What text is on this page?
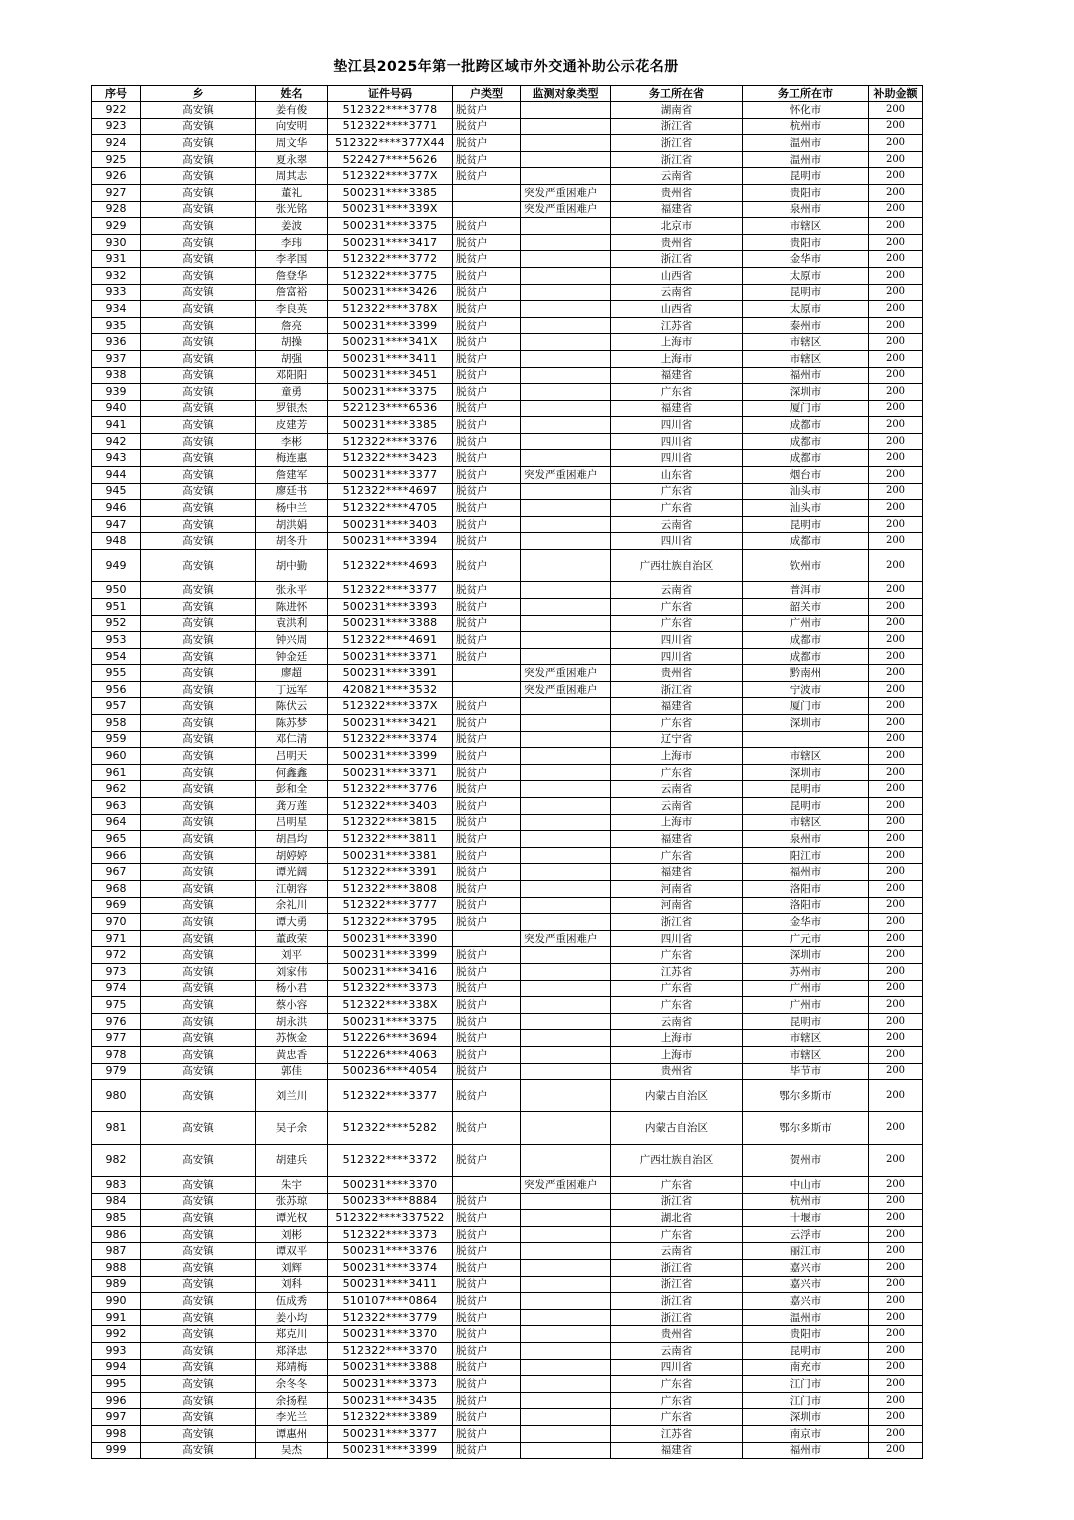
垫江县2025年第一批跨区域市外交通补助公示花名册
序号	乡	姓名	证件号码	户类型	监测对象类型	务工所在省	务工所在市	补助金额
922	高安镇	姜有俊	512322****3778	脱贫户		湖南省	怀化市	200
923	高安镇	向安明	512322****3771	脱贫户		浙江省	杭州市	200
924	高安镇	周文华	512322****377X44	脱贫户		浙江省	温州市	200
925	高安镇	夏永翠	522427****5626	脱贫户		浙江省	温州市	200
926	高安镇	周其志	512322****377X	脱贫户		云南省	昆明市	200
927	高安镇	董礼	500231****3385		突发严重困难户	贵州省	贵阳市	200
928	高安镇	张光铭	500231****339X		突发严重困难户	福建省	泉州市	200
929	高安镇	姜波	500231****3375	脱贫户		北京市	市辖区	200
930	高安镇	李玮	500231****3417	脱贫户		贵州省	贵阳市	200
931	高安镇	李孝国	512322****3772	脱贫户		浙江省	金华市	200
932	高安镇	詹登华	512322****3775	脱贫户		山西省	太原市	200
933	高安镇	詹富裕	500231****3426	脱贫户		云南省	昆明市	200
934	高安镇	李良英	512322****378X	脱贫户		山西省	太原市	200
935	高安镇	詹亮	500231****3399	脱贫户		江苏省	泰州市	200
936	高安镇	胡操	500231****341X	脱贫户		上海市	市辖区	200
937	高安镇	胡强	500231****3411	脱贫户		上海市	市辖区	200
938	高安镇	邓阳阳	500231****3451	脱贫户		福建省	福州市	200
939	高安镇	童勇	500231****3375	脱贫户		广东省	深圳市	200
940	高安镇	罗银杰	522123****6536	脱贫户		福建省	厦门市	200
941	高安镇	皮建芳	500231****3385	脱贫户		四川省	成都市	200
942	高安镇	李彬	512322****3376	脱贫户		四川省	成都市	200
943	高安镇	梅连惠	512322****3423	脱贫户		四川省	成都市	200
944	高安镇	詹建军	500231****3377	脱贫户	突发严重困难户	山东省	烟台市	200
945	高安镇	廖廷书	512322****4697	脱贫户		广东省	汕头市	200
946	高安镇	杨中兰	512322****4705	脱贫户		广东省	汕头市	200
947	高安镇	胡洪娟	500231****3403	脱贫户		云南省	昆明市	200
948	高安镇	胡冬升	500231****3394	脱贫户		四川省	成都市	200
949	高安镇	胡中勤	512322****4693	脱贫户		广西壮族自治区	钦州市	200
950	高安镇	张永平	512322****3377	脱贫户		云南省	普洱市	200
951	高安镇	陈进怀	500231****3393	脱贫户		广东省	韶关市	200
952	高安镇	袁洪利	500231****3388	脱贫户		广东省	广州市	200
953	高安镇	钟兴周	512322****4691	脱贫户		四川省	成都市	200
954	高安镇	钟金廷	500231****3371	脱贫户		四川省	成都市	200
955	高安镇	廖超	500231****3391		突发严重困难户	贵州省	黔南州	200
956	高安镇	丁远军	420821****3532		突发严重困难户	浙江省	宁波市	200
957	高安镇	陈伏云	512322****337X	脱贫户		福建省	厦门市	200
958	高安镇	陈苏梦	500231****3421	脱贫户		广东省	深圳市	200
959	高安镇	邓仁清	512322****3374	脱贫户		辽宁省		200
960	高安镇	吕明天	500231****3399	脱贫户		上海市	市辖区	200
961	高安镇	何鑫鑫	500231****3371	脱贫户		广东省	深圳市	200
962	高安镇	彭和全	512322****3776	脱贫户		云南省	昆明市	200
963	高安镇	龚万莲	512322****3403	脱贫户		云南省	昆明市	200
964	高安镇	吕明星	512322****3815	脱贫户		上海市	市辖区	200
965	高安镇	胡昌均	512322****3811	脱贫户		福建省	泉州市	200
966	高安镇	胡婷婷	500231****3381	脱贫户		广东省	阳江市	200
967	高安镇	谭光阔	512322****3391	脱贫户		福建省	福州市	200
968	高安镇	江朝容	512322****3808	脱贫户		河南省	洛阳市	200
969	高安镇	余礼川	512322****3777	脱贫户		河南省	洛阳市	200
970	高安镇	谭大勇	512322****3795	脱贫户		浙江省	金华市	200
971	高安镇	董政荣	500231****3390		突发严重困难户	四川省	广元市	200
972	高安镇	刘平	500231****3399	脱贫户		广东省	深圳市	200
973	高安镇	刘家伟	500231****3416	脱贫户		江苏省	苏州市	200
974	高安镇	杨小君	512322****3373	脱贫户		广东省	广州市	200
975	高安镇	蔡小容	512322****338X	脱贫户		广东省	广州市	200
976	高安镇	胡永洪	500231****3375	脱贫户		云南省	昆明市	200
977	高安镇	苏恢金	512226****3694	脱贫户		上海市	市辖区	200
978	高安镇	黄忠香	512226****4063	脱贫户		上海市	市辖区	200
979	高安镇	郭佳	500236****4054	脱贫户		贵州省	毕节市	200
980	高安镇	刘兰川	512322****3377	脱贫户		内蒙古自治区	鄂尔多斯市	200
981	高安镇	吴子余	512322****5282	脱贫户		内蒙古自治区	鄂尔多斯市	200
982	高安镇	胡建兵	512322****3372	脱贫户		广西壮族自治区	贺州市	200
983	高安镇	朱宇	500231****3370		突发严重困难户	广东省	中山市	200
984	高安镇	张苏琼	500233****8884	脱贫户		浙江省	杭州市	200
985	高安镇	谭光权	512322****337522	脱贫户		湖北省	十堰市	200
986	高安镇	刘彬	512322****3373	脱贫户		广东省	云浮市	200
987	高安镇	谭双平	500231****3376	脱贫户		云南省	丽江市	200
988	高安镇	刘辉	500231****3374	脱贫户		浙江省	嘉兴市	200
989	高安镇	刘科	500231****3411	脱贫户		浙江省	嘉兴市	200
990	高安镇	伍成秀	510107****0864	脱贫户		浙江省	嘉兴市	200
991	高安镇	姜小均	512322****3779	脱贫户		浙江省	温州市	200
992	高安镇	郑克川	500231****3370	脱贫户		贵州省	贵阳市	200
993	高安镇	郑泽忠	512322****3370	脱贫户		云南省	昆明市	200
994	高安镇	郑靖梅	500231****3388	脱贫户		四川省	南充市	200
995	高安镇	余冬冬	500231****3373	脱贫户		广东省	江门市	200
996	高安镇	余扬程	500231****3435	脱贫户		广东省	江门市	200
997	高安镇	李光兰	512322****3389	脱贫户		广东省	深圳市	200
998	高安镇	谭惠州	500231****3377	脱贫户		江苏省	南京市	200
999	高安镇	吴杰	500231****3399	脱贫户		福建省	福州市	200
